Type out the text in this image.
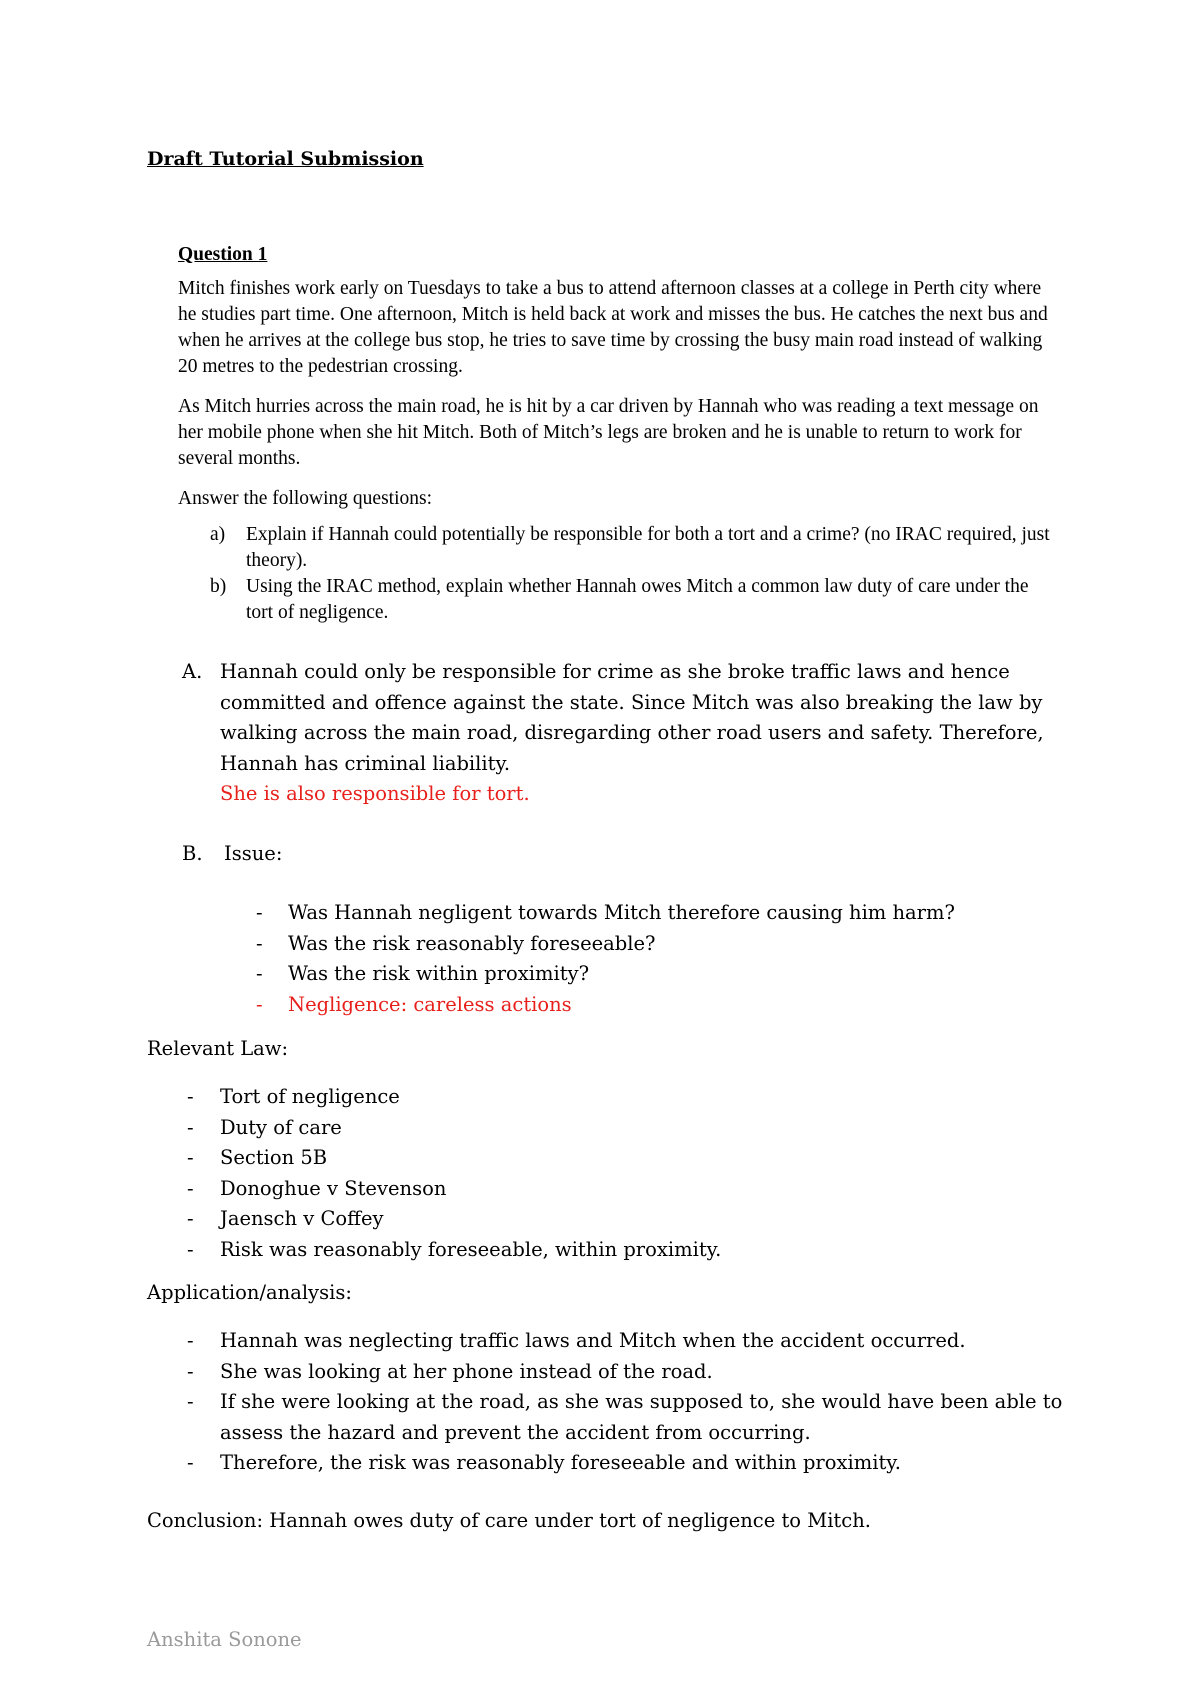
Draft Tutorial Submission
Question 1

Mitch finishes work early on Tuesdays to take a bus to attend afternoon classes at a college in Perth city where he studies part time. One afternoon, Mitch is held back at work and misses the bus. He catches the next bus and when he arrives at the college bus stop, he tries to save time by crossing the busy main road instead of walking 20 metres to the pedestrian crossing.

As Mitch hurries across the main road, he is hit by a car driven by Hannah who was reading a text message on her mobile phone when she hit Mitch. Both of Mitch’s legs are broken and he is unable to return to work for several months.

Answer the following questions:

a) Explain if Hannah could potentially be responsible for both a tort and a crime? (no IRAC required, just theory).
b) Using the IRAC method, explain whether Hannah owes Mitch a common law duty of care under the tort of negligence.
A. Hannah could only be responsible for crime as she broke traffic laws and hence committed and offence against the state. Since Mitch was also breaking the law by walking across the main road, disregarding other road users and safety. Therefore, Hannah has criminal liability.
She is also responsible for tort.
B.	Issue:
- Was Hannah negligent towards Mitch therefore causing him harm?
- Was the risk reasonably foreseeable?
- Was the risk within proximity?
- Negligence: careless actions
Relevant Law:
- Tort of negligence
- Duty of care
- Section 5B
- Donoghue v Stevenson
- Jaensch v Coffey
- Risk was reasonably foreseeable, within proximity.
Application/analysis:
- Hannah was neglecting traffic laws and Mitch when the accident occurred.
- She was looking at her phone instead of the road.
- If she were looking at the road, as she was supposed to, she would have been able to assess the hazard and prevent the accident from occurring.
- Therefore, the risk was reasonably foreseeable and within proximity.
Conclusion: Hannah owes duty of care under tort of negligence to Mitch.
Anshita Sonone
